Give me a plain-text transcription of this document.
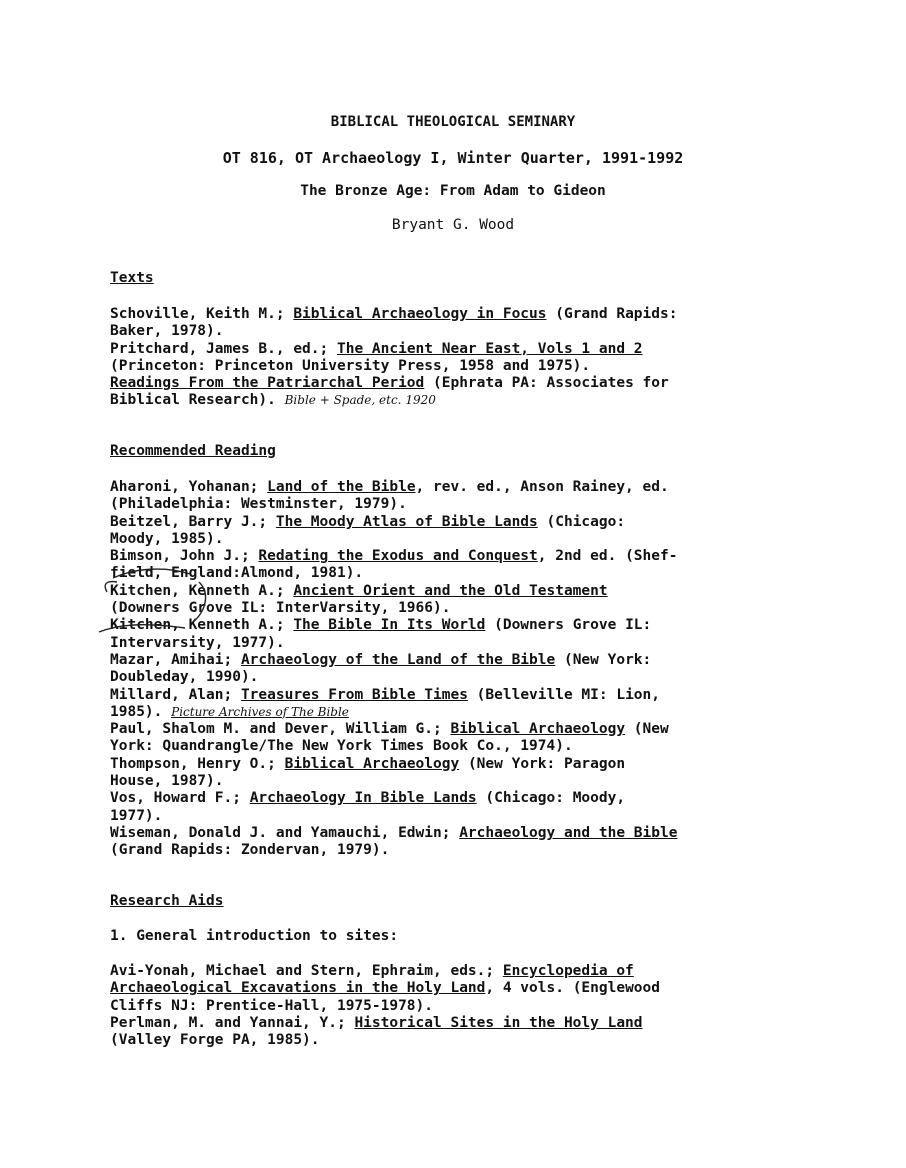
BIBLICAL THEOLOGICAL SEMINARY
OT 816, OT Archaeology I, Winter Quarter, 1991-1992
The Bronze Age: From Adam to Gideon
Bryant G. Wood
Texts
Schoville, Keith M.; Biblical Archaeology in Focus (Grand Rapids:
Baker, 1978).
Pritchard, James B., ed.; The Ancient Near East, Vols 1 and 2
(Princeton: Princeton University Press, 1958 and 1975).
Readings From the Patriarchal Period (Ephrata PA: Associates for
Biblical Research). Bible + Spade, etc. 1920
Recommended Reading
Aharoni, Yohanan; Land of the Bible, rev. ed., Anson Rainey, ed.
(Philadelphia: Westminster, 1979).
Beitzel, Barry J.; The Moody Atlas of Bible Lands (Chicago:
Moody, 1985).
Bimson, John J.; Redating the Exodus and Conquest, 2nd ed. (Shef-
field, England:Almond, 1981).
Kitchen, Kenneth A.; Ancient Orient and the Old Testament
(Downers Grove IL: InterVarsity, 1966).
Kitchen, Kenneth A.; The Bible In Its World (Downers Grove IL:
Intervarsity, 1977).
Mazar, Amihai; Archaeology of the Land of the Bible (New York:
Doubleday, 1990).
Millard, Alan; Treasures From Bible Times (Belleville MI: Lion,
1985). Picture Archives of The Bible
Paul, Shalom M. and Dever, William G.; Biblical Archaeology (New
York: Quandrangle/The New York Times Book Co., 1974).
Thompson, Henry O.; Biblical Archaeology (New York: Paragon
House, 1987).
Vos, Howard F.; Archaeology In Bible Lands (Chicago: Moody,
1977).
Wiseman, Donald J. and Yamauchi, Edwin; Archaeology and the Bible
(Grand Rapids: Zondervan, 1979).
Research Aids
1. General introduction to sites:
Avi-Yonah, Michael and Stern, Ephraim, eds.; Encyclopedia of
Archaeological Excavations in the Holy Land, 4 vols. (Englewood
Cliffs NJ: Prentice-Hall, 1975-1978).
Perlman, M. and Yannai, Y.; Historical Sites in the Holy Land
(Valley Forge PA, 1985).
